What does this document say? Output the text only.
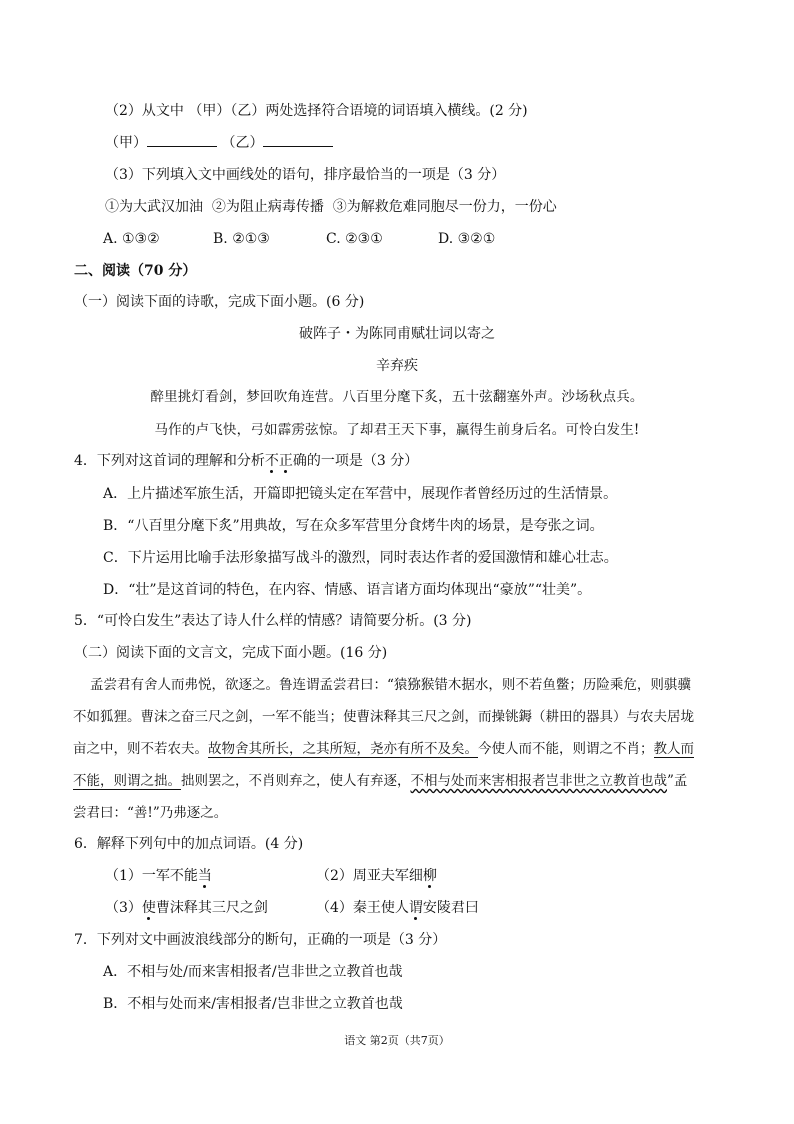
（2）从文中 （甲）（乙）两处选择符合语境的词语填入横线。(2 分)
（甲）	（乙）
（3）下列填入文中画线处的语句，排序最恰当的一项是（3 分）
①为大武汉加油  ②为阻止病毒传播  ③为解救危难同胞尽一份力，一份心
A. ①③②	B. ②①③	C. ②③①	D. ③②①
二、阅读（70 分）
（一）阅读下面的诗歌，完成下面小题。(6 分)
破阵子・为陈同甫赋壮词以寄之
辛弃疾
醉里挑灯看剑，梦回吹角连营。八百里分麾下炙，五十弦翻塞外声。沙场秋点兵。
马作的卢飞快，弓如霹雳弦惊。了却君王天下事，赢得生前身后名。可怜白发生!
4．下列对这首词的理解和分析不正确的一项是（3 分）
A．上片描述军旅生活，开篇即把镜头定在军营中，展现作者曾经历过的生活情景。
B．“八百里分麾下炙”用典故，写在众多军营里分食烤牛肉的场景，是夸张之词。
C．下片运用比喻手法形象描写战斗的激烈，同时表达作者的爱国激情和雄心壮志。
D．“壮”是这首词的特色，在内容、情感、语言诸方面均体现出“豪放”“壮美”。
5．“可怜白发生”表达了诗人什么样的情感？请简要分析。(3 分)
（二）阅读下面的文言文，完成下面小题。(16 分)
孟尝君有舍人而弗悦，欲逐之。鲁连谓孟尝君曰：“猿猕猴错木据水，则不若鱼鳖；历险乘危，则骐骥
不如狐狸。曹沫之奋三尺之剑，一军不能当；使曹沫释其三尺之剑，而操铫鎒（耕田的器具）与农夫居垅
亩之中，则不若农夫。故物舍其所长，之其所短，尧亦有所不及矣。今使人而不能，则谓之不肖；教人而
不能，则谓之拙。拙则罢之，不肖则弃之，使人有弃逐，不相与处而来害相报者岂非世之立教首也哉”孟
尝君曰：“善!”乃弗逐之。
6．解释下列句中的加点词语。(4 分)
（1）一军不能当	（2）周亚夫军细柳
（3）使曹沫释其三尺之剑	（4）秦王使人谓安陵君曰
7．下列对文中画波浪线部分的断句，正确的一项是（3 分）
A．不相与处/而来害相报者/岂非世之立教首也哉
B．不相与处而来/害相报者/岂非世之立教首也哉
语文 第2页（共7页）
